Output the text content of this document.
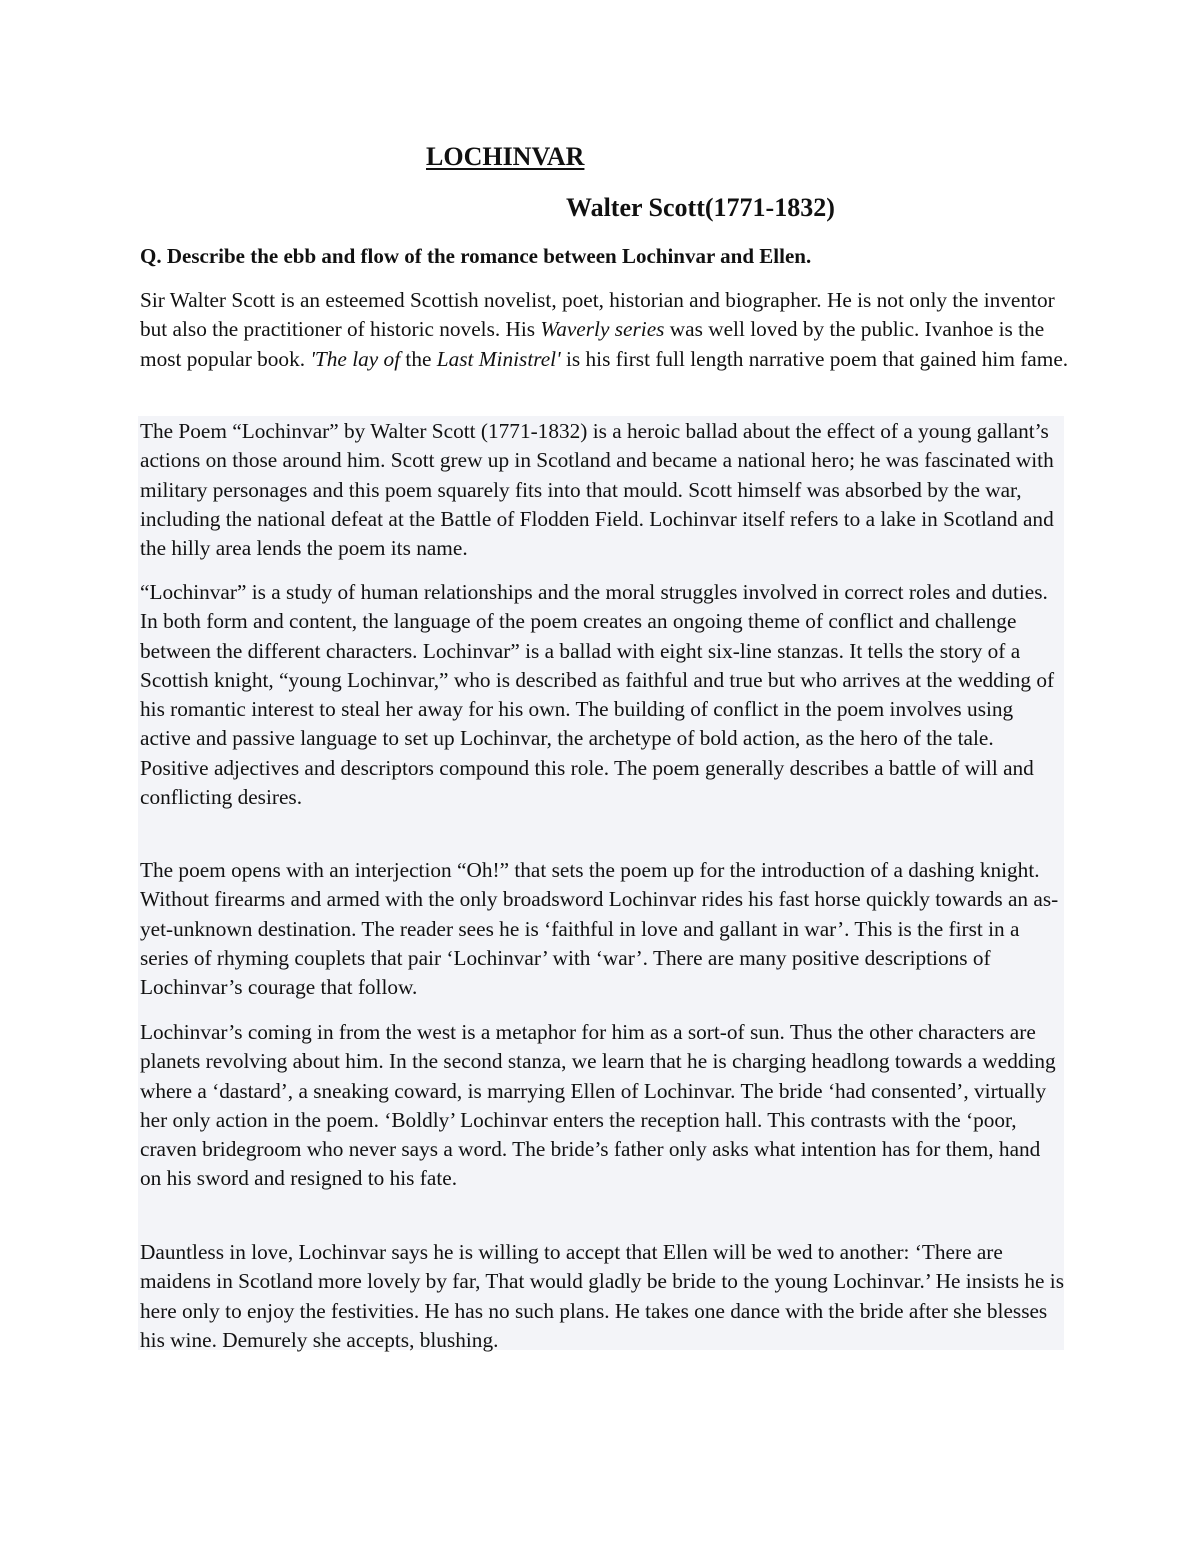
LOCHINVAR
Walter Scott(1771-1832)

Q. Describe the ebb and flow of the romance between Lochinvar and Ellen.

Sir Walter Scott is an esteemed Scottish novelist, poet, historian and biographer. He is not only the inventor but also the practitioner of historic novels. His Waverly series was well loved by the public. Ivanhoe is the most popular book. 'The lay of the Last Ministrel' is his first full length narrative poem that gained him fame.

The Poem “Lochinvar” by Walter Scott (1771-1832) is a heroic ballad about the effect of a young gallant’s actions on those around him. Scott grew up in Scotland and became a national hero; he was fascinated with military personages and this poem squarely fits into that mould. Scott himself was absorbed by the war, including the national defeat at the Battle of Flodden Field. Lochinvar itself refers to a lake in Scotland and the hilly area lends the poem its name.

“Lochinvar” is a study of human relationships and the moral struggles involved in correct roles and duties. In both form and content, the language of the poem creates an ongoing theme of conflict and challenge between the different characters. Lochinvar” is a ballad with eight six-line stanzas. It tells the story of a Scottish knight, “young Lochinvar,” who is described as faithful and true but who arrives at the wedding of his romantic interest to steal her away for his own. The building of conflict in the poem involves using active and passive language to set up Lochinvar, the archetype of bold action, as the hero of the tale. Positive adjectives and descriptors compound this role. The poem generally describes a battle of will and conflicting desires.

The poem opens with an interjection “Oh!” that sets the poem up for the introduction of a dashing knight. Without firearms and armed with the only broadsword Lochinvar rides his fast horse quickly towards an as-yet-unknown destination. The reader sees he is ‘faithful in love and gallant in war’. This is the first in a series of rhyming couplets that pair ‘Lochinvar’ with ‘war’. There are many positive descriptions of Lochinvar’s courage that follow.

Lochinvar’s coming in from the west is a metaphor for him as a sort-of sun. Thus the other characters are planets revolving about him. In the second stanza, we learn that he is charging headlong towards a wedding where a ‘dastard’, a sneaking coward, is marrying Ellen of Lochinvar. The bride ‘had consented’, virtually her only action in the poem. ‘Boldly’ Lochinvar enters the reception hall. This contrasts with the ‘poor, craven bridegroom who never says a word. The bride’s father only asks what intention has for them, hand on his sword and resigned to his fate.

Dauntless in love, Lochinvar says he is willing to accept that Ellen will be wed to another: ‘There are maidens in Scotland more lovely by far, That would gladly be bride to the young Lochinvar.’ He insists he is here only to enjoy the festivities. He has no such plans. He takes one dance with the bride after she blesses his wine. Demurely she accepts, blushing.
